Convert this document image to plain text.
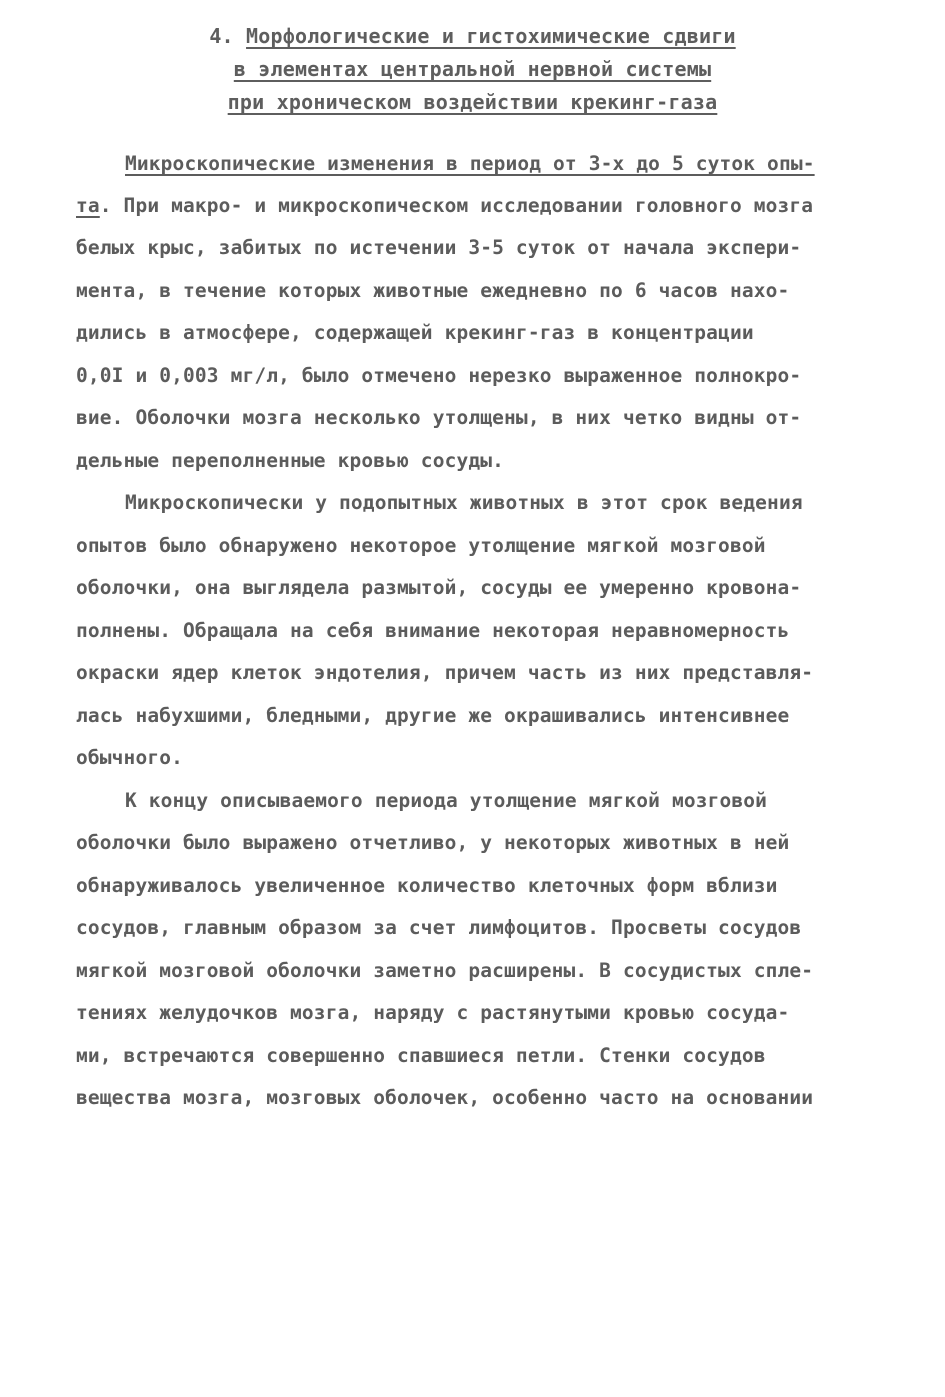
4. Морфологические и гистохимические сдвиги
в элементах центральной нервной системы
при хроническом воздействии крекинг-газа
Микроскопические изменения в период от 3-х до 5 суток опы-
та. При макро- и микроскопическом исследовании головного мозга
белых крыс, забитых по истечении 3-5 суток от начала экспери-
мента, в течение которых животные ежедневно по 6 часов нахо-
дились в атмосфере, содержащей крекинг-газ в концентрации
0,0I и 0,003 мг/л, было отмечено нерезко выраженное полнокро-
вие. Оболочки мозга несколько утолщены, в них четко видны от-
дельные переполненные кровью сосуды.
Микроскопически у подопытных животных в этот срок ведения
опытов было обнаружено некоторое утолщение мягкой мозговой
оболочки, она выглядела размытой, сосуды ее умеренно кровона-
полнены. Обращала на себя внимание некоторая неравномерность
окраски ядер клеток эндотелия, причем часть из них представля-
лась набухшими, бледными, другие же окрашивались интенсивнее
обычного.
К концу описываемого периода утолщение мягкой мозговой
оболочки было выражено отчетливо, у некоторых животных в ней
обнаруживалось увеличенное количество клеточных форм вблизи
сосудов, главным образом за счет лимфоцитов. Просветы сосудов
мягкой мозговой оболочки заметно расширены. В сосудистых спле-
тениях желудочков мозга, наряду с растянутыми кровью сосуда-
ми, встречаются совершенно спавшиеся петли. Стенки сосудов
вещества мозга, мозговых оболочек, особенно часто на основании
